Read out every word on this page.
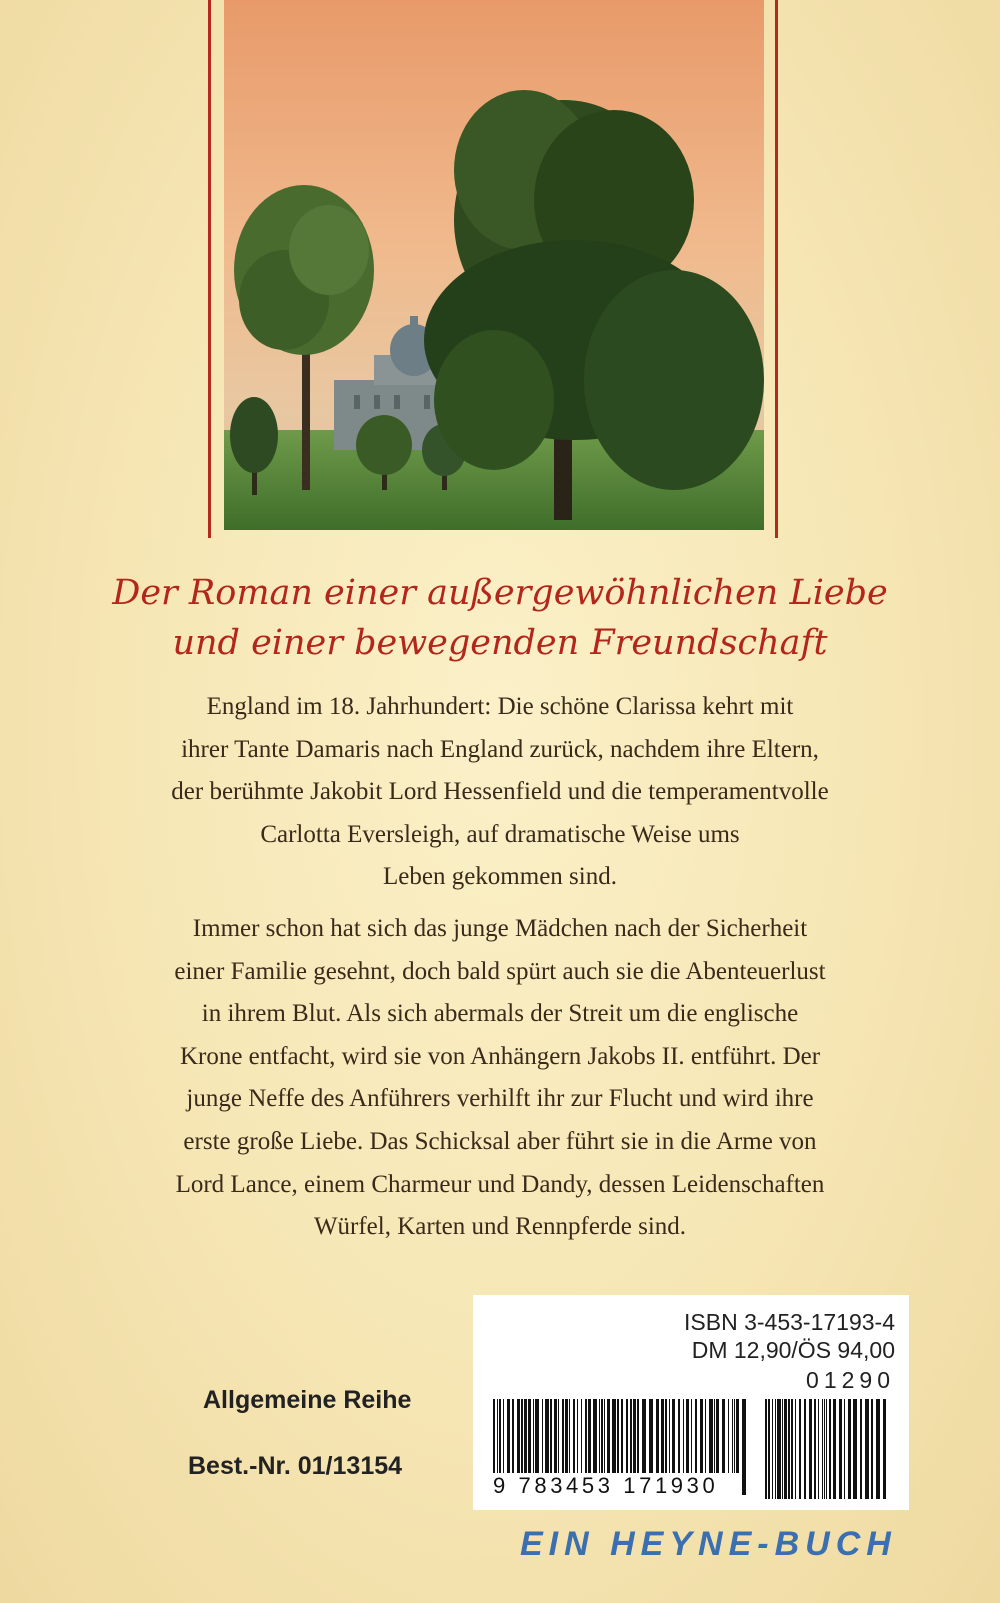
Der Roman einer außergewöhnlichen Liebe

und einer bewegenden Freundschaft

England im 18. Jahrhundert: Die schöne Clarissa kehrt mit
ihrer Tante Damaris nach England zurück, nachdem ihre Eltern,
der berühmte Jakobit Lord Hessenfield und die temperamentvolle
Carlotta Eversleigh, auf dramatische Weise ums
Leben gekommen sind.
Immer schon hat sich das junge Mädchen nach der Sicherheit
einer Familie gesehnt, doch bald spürt auch sie die Abenteuerlust
in ihrem Blut. Als sich abermals der Streit um die englische
Krone entfacht, wird sie von Anhängern Jakobs II. entführt. Der
junge Neffe des Anführers verhilft ihr zur Flucht und wird ihre
erste große Liebe. Das Schicksal aber führt sie in die Arme von
Lord Lance, einem Charmeur und Dandy, dessen Leidenschaften
Würfel, Karten und Rennpferde sind.

ISBN 3-453-17193-4

DM 12,90/ÖS 94,00

01290

9 783453 171930

Allgemeine Reihe

Best.-Nr. 01/13154

EIN HEYNE-BUCH
